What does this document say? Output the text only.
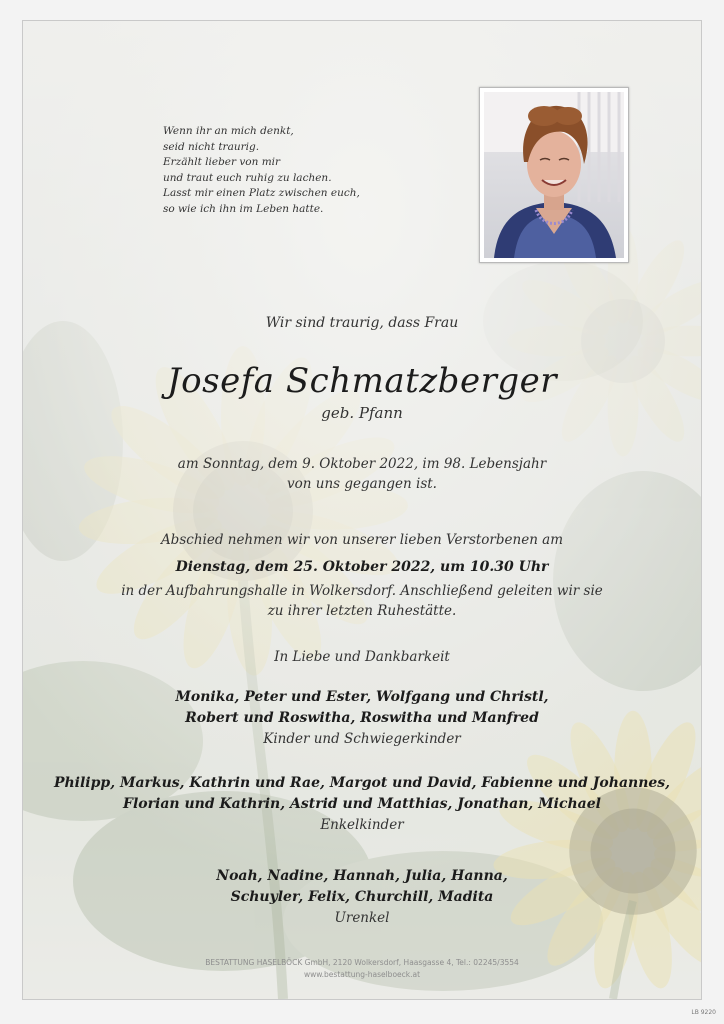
Wenn ihr an mich denkt,
seid nicht traurig.
Erzählt lieber von mir
und traut euch ruhig zu lachen.
Lasst mir einen Platz zwischen euch,
so wie ich ihn im Leben hatte.
Wir sind traurig, dass Frau
Josefa Schmatzberger
geb. Pfann
am Sonntag, dem 9. Oktober 2022, im 98. Lebensjahr
von uns gegangen ist.
Abschied nehmen wir von unserer lieben Verstorbenen am
Dienstag, dem 25. Oktober 2022, um 10.30 Uhr
in der Aufbahrungshalle in Wolkersdorf. Anschließend geleiten wir sie
zu ihrer letzten Ruhestätte.
In Liebe und Dankbarkeit
Monika, Peter und Ester, Wolfgang und Christl,
Robert und Roswitha, Roswitha und Manfred
Kinder und Schwiegerkinder
Philipp, Markus, Kathrin und Rae, Margot und David, Fabienne und Johannes,
Florian und Kathrin, Astrid und Matthias, Jonathan, Michael
Enkelkinder
Noah, Nadine, Hannah, Julia, Hanna,
Schuyler, Felix, Churchill, Madita
Urenkel
BESTATTUNG HASELBÖCK GmbH, 2120 Wolkersdorf, Haasgasse 4, Tel.: 02245/3554
www.bestattung-haselboeck.at
LB 9220
